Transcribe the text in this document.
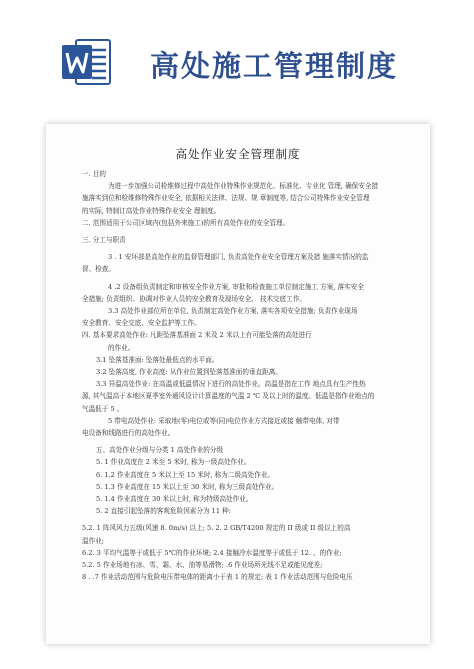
高处施工管理制度
高处作业安全管理制度

一. 目的

为进一步加强公司检维修过程中高处作业特殊作业规范化、标准化、专业化 管理, 确保安全措

施落实到位和检维修特殊作业安全, 依据相关法律、法规、规 章制度等, 结合公司特殊作业安全管理

的实际, 特制订高处作业特殊作业安全 理制度。

二. 范围适用于公司区域内(包括外来施工)的所有高处作业的安全管理。

三. 分工与职责

3 . 1 安环部是高处作业的监督管理部门, 负责高处作业安全管理方案及措 施落实情况的监

督、检查。

4 .2 设备组负责制定和审核安全作业方案, 审批和检查施工单位制定施工 方案, 落实安全

全措施; 负责组织、协调对作业人员的安全教育及现场安全、 技术交底工作。

3.3 高处作业部位所在单位, 负责制定高处作业方案, 落实各项安全措施; 负责作业现场

安全教育、安全交底、安全监护等工作。

四. 基本要求高处作业: 凡距坠落基准面 2 米及 2 米以上有可能坠落的高处进行

的作业。

3.1 坠落基准面: 坠落处最低点的水平面。

3.2 坠落高度, 作业高度: 从作业位置到坠落基准面的垂直距离。

3.3 异温高处作业: 在高温或低温情况下进行的高处作业。高温是指在工作 地点具有生产性热

源, 其气温高于本地区夏季室外通风设计计算温度的气温 2 ℃ 及以上时的温度。低温是指作业地点的

气温低于 5 。

5 带电高处作业: 采取地(零)电位或等(同)电位作业方式接近或接 触带电体, 对带

电设备和线路进行的高处作业。

五、高处作业分级与分类 1 高处作业的分级

5. 1 作业高度在 2 米至 5 米时, 称为一级高处作业。

6. 1.2 作业高度在 5 米以上至 15 米时, 称为二级高处作业。

5. 1.3 作业高度在 15 米以上至 30 米时, 称为三级高处作业。

5. 1.4 作业高度在 30 米以上时, 称为特级高处作业。

5. 2 直接引起坠落的客观危险因素分为 11 种:

5.2. 1 阵风风力五级(风速 8. 0m/s) 以上; 5. 2. 2 GB/T4200 规定的 II 级或 II 级以上的高

温作业;

6.2. 3 平均气温等于或低于 5℃的作业环境; 2.4 接触冷水温度等于或低于 12. 、的作业;

5.2. 5 作业场地有冰、雪、霜、水、油等易滑物; .6 作业场所光线不足或能见度差;

8 . .7 作业活动范围与危险电压带电体的距离小于表 1 的规定; 表 1 作业活动范围与危险电压
